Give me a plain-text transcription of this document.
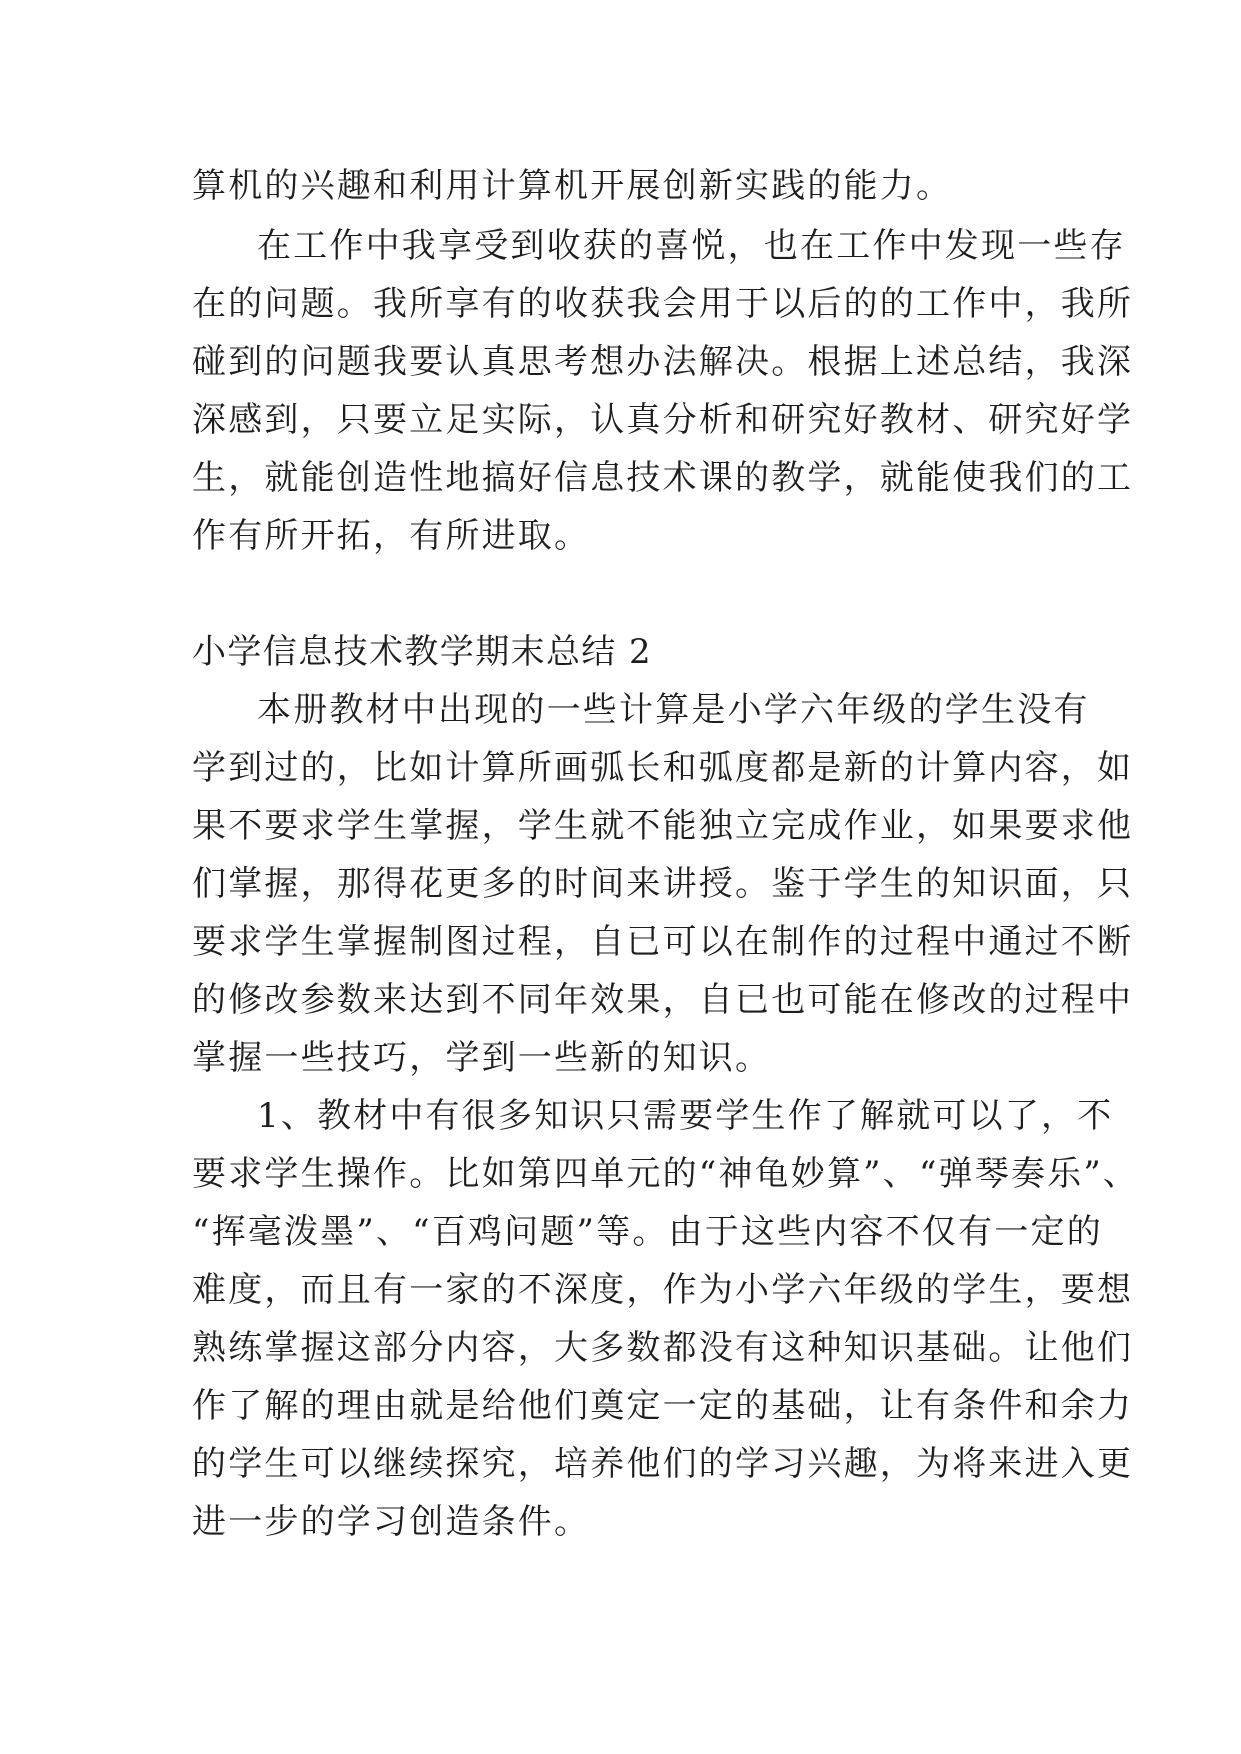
算机的兴趣和利用计算机开展创新实践的能力。

在工作中我享受到收获的喜悦，也在工作中发现一些存

在的问题。我所享有的收获我会用于以后的的工作中，我所

碰到的问题我要认真思考想办法解决。根据上述总结，我深

深感到，只要立足实际，认真分析和研究好教材、研究好学

生，就能创造性地搞好信息技术课的教学，就能使我们的工

作有所开拓，有所进取。

小学信息技术教学期末总结 2

本册教材中出现的一些计算是小学六年级的学生没有

学到过的，比如计算所画弧长和弧度都是新的计算内容，如

果不要求学生掌握，学生就不能独立完成作业，如果要求他

们掌握，那得花更多的时间来讲授。鉴于学生的知识面，只

要求学生掌握制图过程，自已可以在制作的过程中通过不断

的修改参数来达到不同年效果，自已也可能在修改的过程中

掌握一些技巧，学到一些新的知识。

1、教材中有很多知识只需要学生作了解就可以了，不

要求学生操作。比如第四单元的“神龟妙算”、“弹琴奏乐”、

“挥毫泼墨”、“百鸡问题”等。由于这些内容不仅有一定的

难度，而且有一家的不深度，作为小学六年级的学生，要想

熟练掌握这部分内容，大多数都没有这种知识基础。让他们

作了解的理由就是给他们奠定一定的基础，让有条件和余力

的学生可以继续探究，培养他们的学习兴趣，为将来进入更

进一步的学习创造条件。
